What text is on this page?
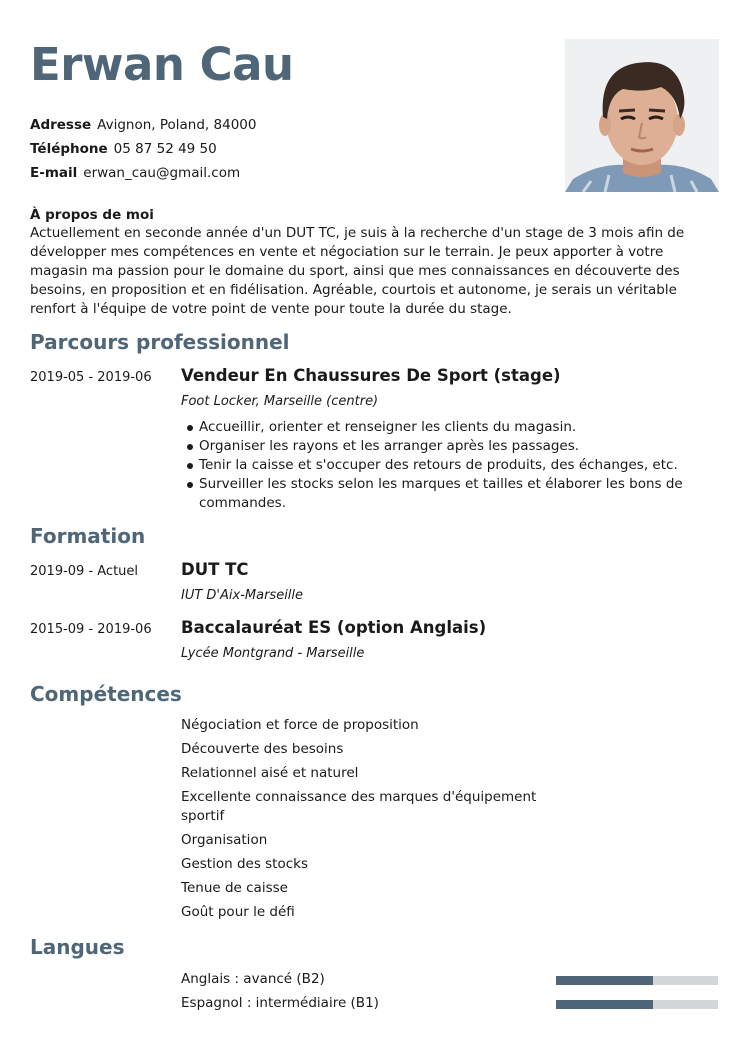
Erwan Cau
Adresse Avignon, Poland, 84000
Téléphone 05 87 52 49 50
E-mail erwan_cau@gmail.com
À propos de moi

Actuellement en seconde année d'un DUT TC, je suis à la recherche d'un stage de 3 mois afin de développer mes compétences en vente et négociation sur le terrain. Je peux apporter à votre magasin ma passion pour le domaine du sport, ainsi que mes connaissances en découverte des besoins, en proposition et en fidélisation. Agréable, courtois et autonome, je serais un véritable renfort à l'équipe de votre point de vente pour toute la durée du stage.

Parcours professionnel
2019-05 - 2019-06 Vendeur En Chaussures De Sport (stage)
Foot Locker, Marseille (centre)
Accueillir, orienter et renseigner les clients du magasin.
Organiser les rayons et les arranger après les passages.
Tenir la caisse et s'occuper des retours de produits, des échanges, etc.
Surveiller les stocks selon les marques et tailles et élaborer les bons de commandes.
Formation
2019-09 - Actuel	DUT TC
IUT D'Aix-Marseille
2015-09 - 2019-06 Baccalauréat ES (option Anglais)
Lycée Montgrand - Marseille
Compétences
Négociation et force de proposition
Découverte des besoins
Relationnel aisé et naturel
Excellente connaissance des marques d'équipement sportif
Organisation
Gestion des stocks
Tenue de caisse
Goût pour le défi
Langues
Anglais : avancé (B2)
Espagnol : intermédiaire (B1)
